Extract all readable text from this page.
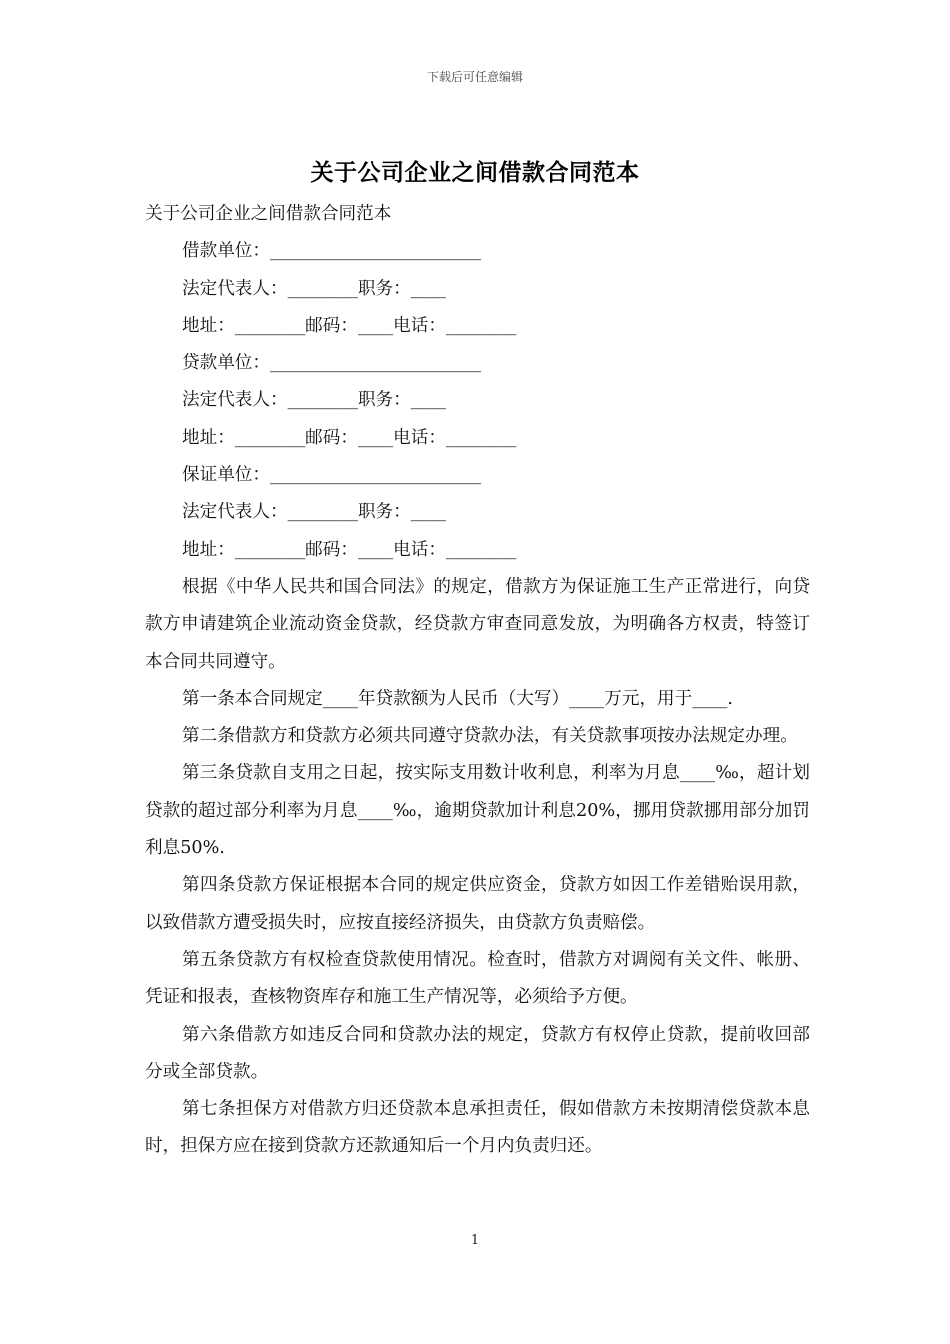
下载后可任意编辑
关于公司企业之间借款合同范本

关于公司企业之间借款合同范本

借款单位：________________________

法定代表人：________职务：____

地址：________邮码：____电话：________

贷款单位：________________________

法定代表人：________职务：____

地址：________邮码：____电话：________

保证单位：________________________

法定代表人：________职务：____

地址：________邮码：____电话：________

根据《中华人民共和国合同法》的规定，借款方为保证施工生产正常进行，向贷款方申请建筑企业流动资金贷款，经贷款方审查同意发放，为明确各方权责，特签订本合同共同遵守。

第一条本合同规定____年贷款额为人民币（大写）____万元，用于____.

第二条借款方和贷款方必须共同遵守贷款办法，有关贷款事项按办法规定办理。

第三条贷款自支用之日起，按实际支用数计收利息，利率为月息____‰，超计划贷款的超过部分利率为月息____‰，逾期贷款加计利息20%，挪用贷款挪用部分加罚利息50%.

第四条贷款方保证根据本合同的规定供应资金，贷款方如因工作差错贻误用款，以致借款方遭受损失时，应按直接经济损失，由贷款方负责赔偿。

第五条贷款方有权检查贷款使用情况。检查时，借款方对调阅有关文件、帐册、凭证和报表，查核物资库存和施工生产情况等，必须给予方便。

第六条借款方如违反合同和贷款办法的规定，贷款方有权停止贷款，提前收回部分或全部贷款。

第七条担保方对借款方归还贷款本息承担责任，假如借款方未按期清偿贷款本息时，担保方应在接到贷款方还款通知后一个月内负责归还。

1
